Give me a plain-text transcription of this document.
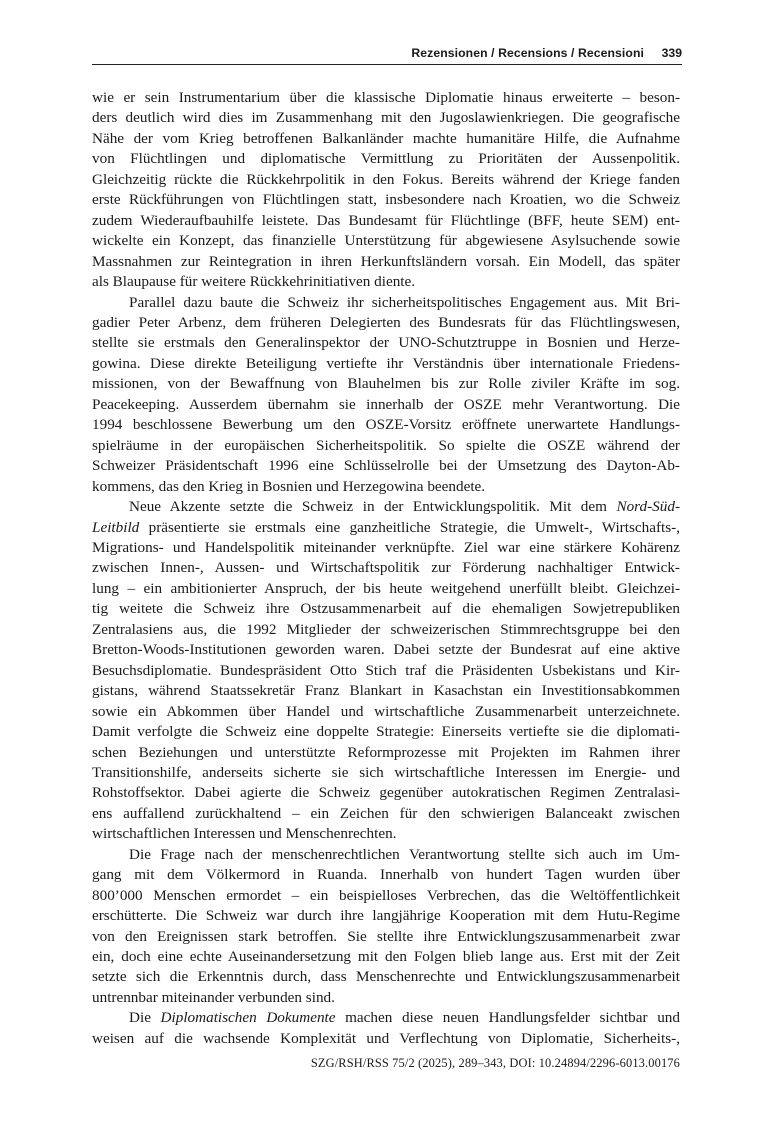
Rezensionen / Recensions / Recensioni 339

wie er sein Instrumentarium über die klassische Diplomatie hinaus erweiterte – beson-
ders deutlich wird dies im Zusammenhang mit den Jugoslawienkriegen. Die geografische
Nähe der vom Krieg betroffenen Balkanländer machte humanitäre Hilfe, die Aufnahme
von Flüchtlingen und diplomatische Vermittlung zu Prioritäten der Aussenpolitik.
Gleichzeitig rückte die Rückkehrpolitik in den Fokus. Bereits während der Kriege fanden
erste Rückführungen von Flüchtlingen statt, insbesondere nach Kroatien, wo die Schweiz
zudem Wiederaufbauhilfe leistete. Das Bundesamt für Flüchtlinge (BFF, heute SEM) ent-
wickelte ein Konzept, das finanzielle Unterstützung für abgewiesene Asylsuchende sowie
Massnahmen zur Reintegration in ihren Herkunftsländern vorsah. Ein Modell, das später
als Blaupause für weitere Rückkehrinitiativen diente.

Parallel dazu baute die Schweiz ihr sicherheitspolitisches Engagement aus. Mit Bri-
gadier Peter Arbenz, dem früheren Delegierten des Bundesrats für das Flüchtlingswesen,
stellte sie erstmals den Generalinspektor der UNO-Schutztruppe in Bosnien und Herze-
gowina. Diese direkte Beteiligung vertiefte ihr Verständnis über internationale Friedens-
missionen, von der Bewaffnung von Blauhelmen bis zur Rolle ziviler Kräfte im sog.
Peacekeeping. Ausserdem übernahm sie innerhalb der OSZE mehr Verantwortung. Die
1994 beschlossene Bewerbung um den OSZE-Vorsitz eröffnete unerwartete Handlungs-
spielräume in der europäischen Sicherheitspolitik. So spielte die OSZE während der
Schweizer Präsidentschaft 1996 eine Schlüsselrolle bei der Umsetzung des Dayton-Ab-
kommens, das den Krieg in Bosnien und Herzegowina beendete.

Neue Akzente setzte die Schweiz in der Entwicklungspolitik. Mit dem Nord-Süd-
Leitbild präsentierte sie erstmals eine ganzheitliche Strategie, die Umwelt-, Wirtschafts-,
Migrations- und Handelspolitik miteinander verknüpfte. Ziel war eine stärkere Kohärenz
zwischen Innen-, Aussen- und Wirtschaftspolitik zur Förderung nachhaltiger Entwick-
lung – ein ambitionierter Anspruch, der bis heute weitgehend unerfüllt bleibt. Gleichzei-
tig weitete die Schweiz ihre Ostzusammenarbeit auf die ehemaligen Sowjetrepubliken
Zentralasiens aus, die 1992 Mitglieder der schweizerischen Stimmrechtsgruppe bei den
Bretton-Woods-Institutionen geworden waren. Dabei setzte der Bundesrat auf eine aktive
Besuchsdiplomatie. Bundespräsident Otto Stich traf die Präsidenten Usbekistans und Kir-
gistans, während Staatssekretär Franz Blankart in Kasachstan ein Investitionsabkommen
sowie ein Abkommen über Handel und wirtschaftliche Zusammenarbeit unterzeichnete.
Damit verfolgte die Schweiz eine doppelte Strategie: Einerseits vertiefte sie die diplomati-
schen Beziehungen und unterstützte Reformprozesse mit Projekten im Rahmen ihrer
Transitionshilfe, anderseits sicherte sie sich wirtschaftliche Interessen im Energie- und
Rohstoffsektor. Dabei agierte die Schweiz gegenüber autokratischen Regimen Zentralasi-
ens auffallend zurückhaltend – ein Zeichen für den schwierigen Balanceakt zwischen
wirtschaftlichen Interessen und Menschenrechten.

Die Frage nach der menschenrechtlichen Verantwortung stellte sich auch im Um-
gang mit dem Völkermord in Ruanda. Innerhalb von hundert Tagen wurden über
800’000 Menschen ermordet – ein beispielloses Verbrechen, das die Weltöffentlichkeit
erschütterte. Die Schweiz war durch ihre langjährige Kooperation mit dem Hutu-Regime
von den Ereignissen stark betroffen. Sie stellte ihre Entwicklungszusammenarbeit zwar
ein, doch eine echte Auseinandersetzung mit den Folgen blieb lange aus. Erst mit der Zeit
setzte sich die Erkenntnis durch, dass Menschenrechte und Entwicklungszusammenarbeit
untrennbar miteinander verbunden sind.

Die Diplomatischen Dokumente machen diese neuen Handlungsfelder sichtbar und
weisen auf die wachsende Komplexität und Verflechtung von Diplomatie, Sicherheits-,

SZG/RSH/RSS 75/2 (2025), 289–343, DOI: 10.24894/2296-6013.00176
